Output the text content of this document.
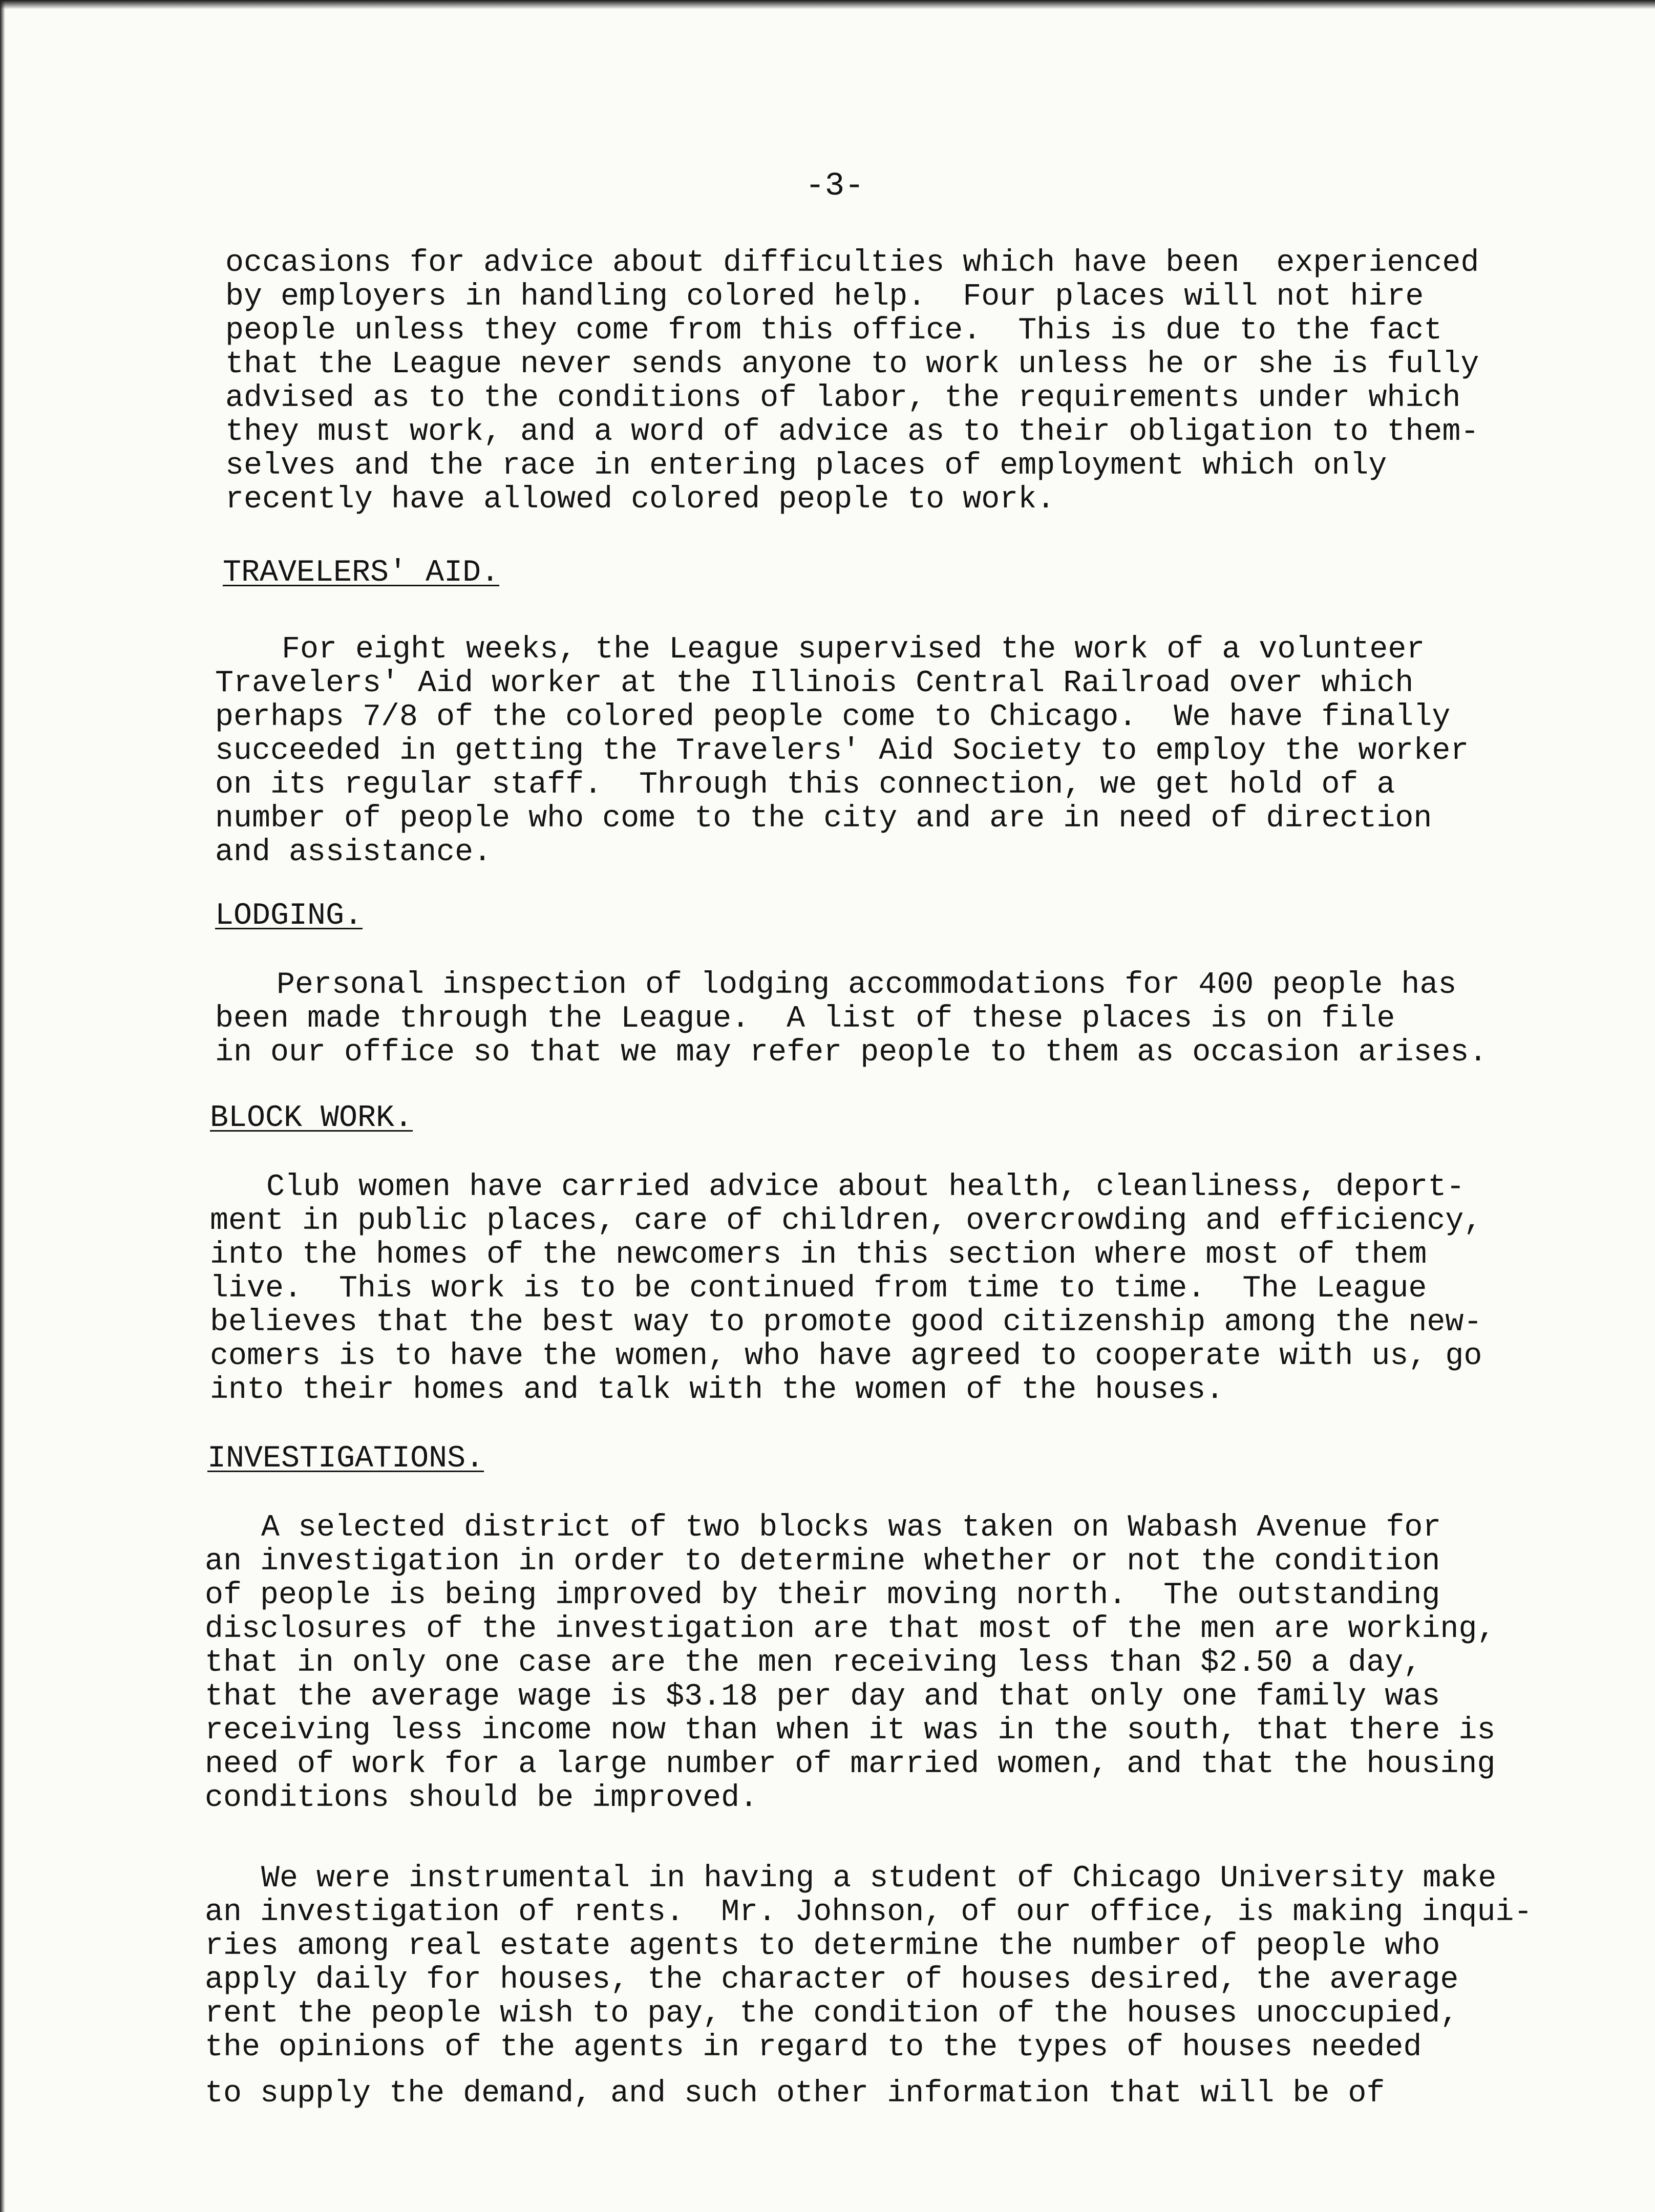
-3-
occasions for advice about difficulties which have been  experienced
by employers in handling colored help.  Four places will not hire
people unless they come from this office.  This is due to the fact
that the League never sends anyone to work unless he or she is fully
advised as to the conditions of labor, the requirements under which
they must work, and a word of advice as to their obligation to them-
selves and the race in entering places of employment which only
recently have allowed colored people to work.
TRAVELERS' AID.
For eight weeks, the League supervised the work of a volunteer
Travelers' Aid worker at the Illinois Central Railroad over which
perhaps 7/8 of the colored people come to Chicago.  We have finally
succeeded in getting the Travelers' Aid Society to employ the worker
on its regular staff.  Through this connection, we get hold of a
number of people who come to the city and are in need of direction
and assistance.
LODGING.
Personal inspection of lodging accommodations for 400 people has
been made through the League.  A list of these places is on file
in our office so that we may refer people to them as occasion arises.
BLOCK WORK.
Club women have carried advice about health, cleanliness, deport-
ment in public places, care of children, overcrowding and efficiency,
into the homes of the newcomers in this section where most of them
live.  This work is to be continued from time to time.  The League
believes that the best way to promote good citizenship among the new-
comers is to have the women, who have agreed to cooperate with us, go
into their homes and talk with the women of the houses.
INVESTIGATIONS.
A selected district of two blocks was taken on Wabash Avenue for
an investigation in order to determine whether or not the condition
of people is being improved by their moving north.  The outstanding
disclosures of the investigation are that most of the men are working,
that in only one case are the men receiving less than $2.50 a day,
that the average wage is $3.18 per day and that only one family was
receiving less income now than when it was in the south, that there is
need of work for a large number of married women, and that the housing
conditions should be improved.
We were instrumental in having a student of Chicago University make
an investigation of rents.  Mr. Johnson, of our office, is making inqui-
ries among real estate agents to determine the number of people who
apply daily for houses, the character of houses desired, the average
rent the people wish to pay, the condition of the houses unoccupied,
the opinions of the agents in regard to the types of houses needed
to supply the demand, and such other information that will be of
